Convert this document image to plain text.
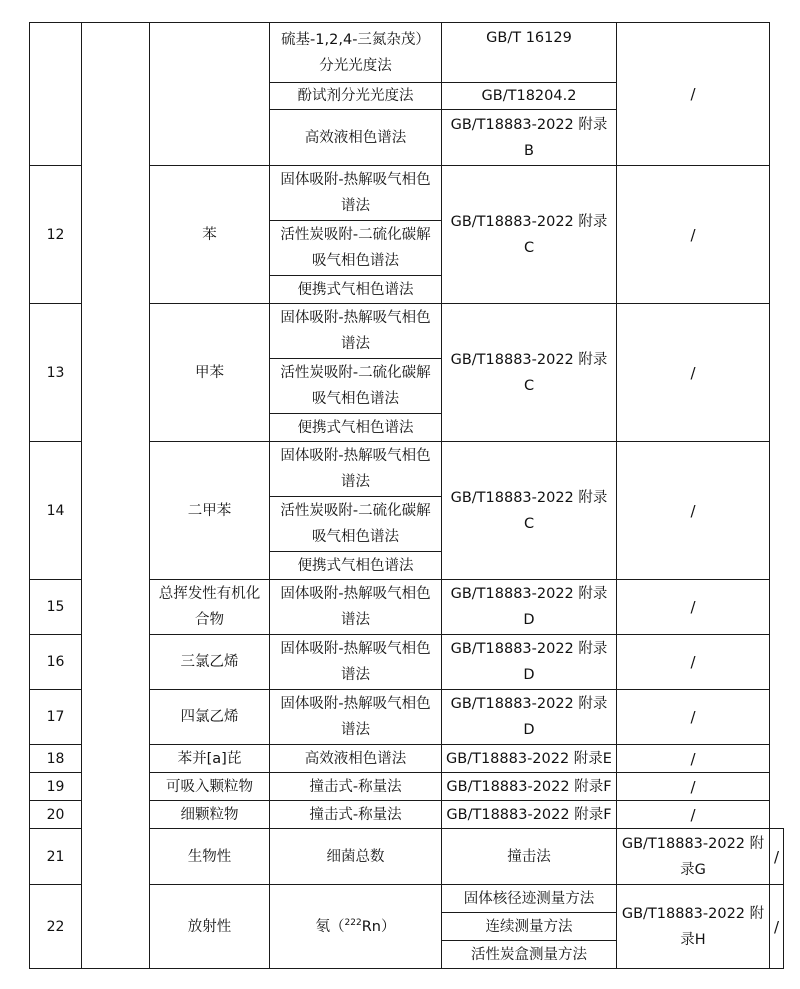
			硫基-1,2,4-三氮杂茂）分光光度法	GB/T 16129	/	
			酚试剂分光光度法	GB/T18204.2		
			高效液相色谱法	GB/T18883-2022 附录B		
12		苯	固体吸附-热解吸气相色谱法	GB/T18883-2022 附录C	/	
			活性炭吸附-二硫化碳解吸气相色谱法			
			便携式气相色谱法			
13		甲苯	固体吸附-热解吸气相色谱法	GB/T18883-2022 附录C	/	
			活性炭吸附-二硫化碳解吸气相色谱法			
			便携式气相色谱法			
14		二甲苯	固体吸附-热解吸气相色谱法	GB/T18883-2022 附录C	/	
			活性炭吸附-二硫化碳解吸气相色谱法			
			便携式气相色谱法			
15		总挥发性有机化合物	固体吸附-热解吸气相色谱法	GB/T18883-2022 附录D	/	
16		三氯乙烯	固体吸附-热解吸气相色谱法	GB/T18883-2022 附录D	/	
17		四氯乙烯	固体吸附-热解吸气相色谱法	GB/T18883-2022 附录D	/	
18		苯并[a]芘	高效液相色谱法	GB/T18883-2022 附录E	/	
19		可吸入颗粒物	撞击式-称量法	GB/T18883-2022 附录F	/	
20		细颗粒物	撞击式-称量法	GB/T18883-2022 附录F	/	
21		生物性	细菌总数	撞击法	GB/T18883-2022 附录G	/
22		放射性	氡（$^{222}$Rn）	固体核径迹测量方法	GB/T18883-2022 附录H	/
				连续测量方法		
				活性炭盒测量方法		
